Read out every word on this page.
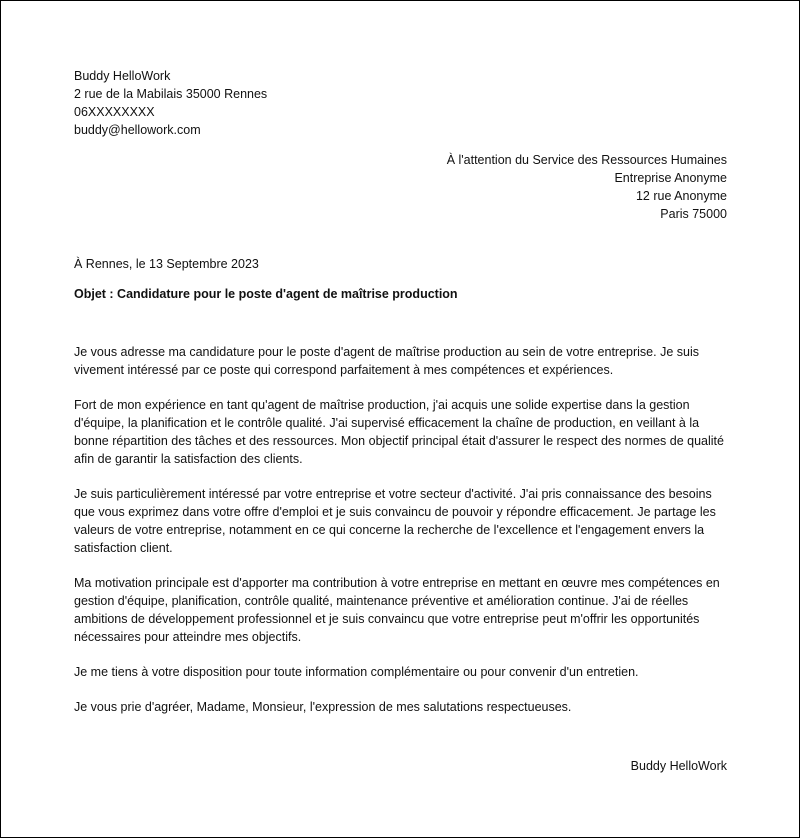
Buddy HelloWork
2 rue de la Mabilais 35000 Rennes
06XXXXXXXX
buddy@hellowork.com
À l'attention du Service des Ressources Humaines
Entreprise Anonyme
12 rue Anonyme
Paris 75000
À Rennes, le 13 Septembre 2023
Objet : Candidature pour le poste d'agent de maîtrise production

Je vous adresse ma candidature pour le poste d'agent de maîtrise production au sein de votre entreprise. Je suis vivement intéressé par ce poste qui correspond parfaitement à mes compétences et expériences.

Fort de mon expérience en tant qu'agent de maîtrise production, j'ai acquis une solide expertise dans la gestion d'équipe, la planification et le contrôle qualité. J'ai supervisé efficacement la chaîne de production, en veillant à la bonne répartition des tâches et des ressources. Mon objectif principal était d'assurer le respect des normes de qualité afin de garantir la satisfaction des clients.

Je suis particulièrement intéressé par votre entreprise et votre secteur d'activité. J'ai pris connaissance des besoins que vous exprimez dans votre offre d'emploi et je suis convaincu de pouvoir y répondre efficacement. Je partage les valeurs de votre entreprise, notamment en ce qui concerne la recherche de l'excellence et l'engagement envers la satisfaction client.

Ma motivation principale est d'apporter ma contribution à votre entreprise en mettant en œuvre mes compétences en gestion d'équipe, planification, contrôle qualité, maintenance préventive et amélioration continue. J'ai de réelles ambitions de développement professionnel et je suis convaincu que votre entreprise peut m'offrir les opportunités nécessaires pour atteindre mes objectifs.

Je me tiens à votre disposition pour toute information complémentaire ou pour convenir d'un entretien.

Je vous prie d'agréer, Madame, Monsieur, l'expression de mes salutations respectueuses.

Buddy HelloWork
